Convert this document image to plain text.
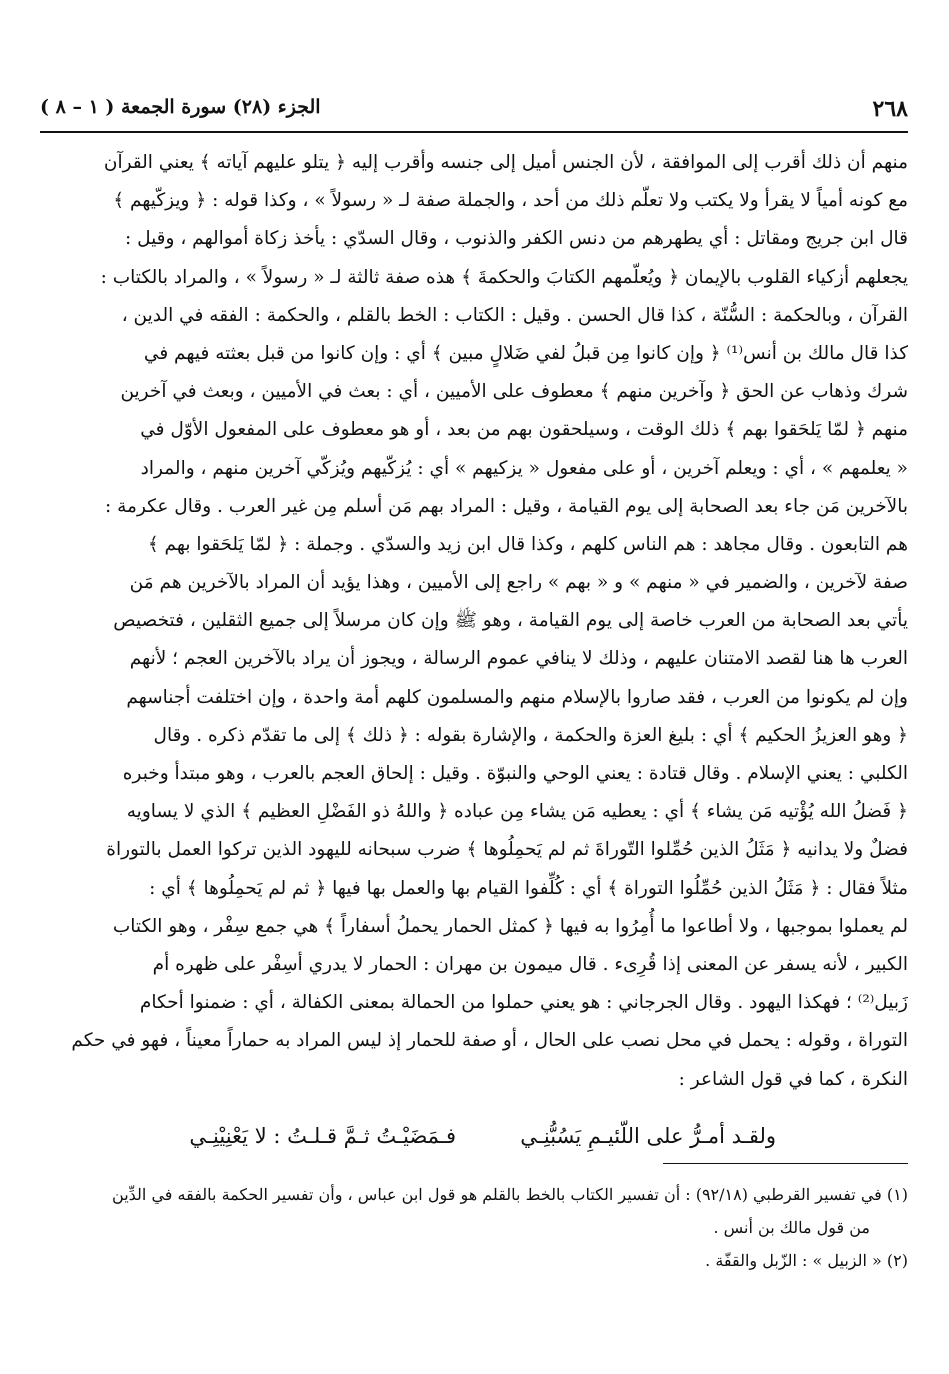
٢٦٨
الجزء (٢٨) سورة الجمعة ( ١ – ٨ )
منهم أن ذلك أقرب إلى الموافقة ، لأن الجنس أميل إلى جنسه وأقرب إليه ﴿ يتلو عليهم آياته ﴾ يعني القرآن
مع كونه أمياً لا يقرأ ولا يكتب ولا تعلّم ذلك من أحد ، والجملة صفة لـ « رسولاً » ، وكذا قوله : ﴿ ويزكّيهم ﴾
قال ابن جريج ومقاتل : أي يطهرهم من دنس الكفر والذنوب ، وقال السدّي : يأخذ زكاة أموالهم ، وقيل :
يجعلهم أزكياء القلوب بالإيمان ﴿ ويُعلّمهم الكتابَ والحكمةَ ﴾ هذه صفة ثالثة لـ « رسولاً » ، والمراد بالكتاب :
القرآن ، وبالحكمة : السُّنّة ، كذا قال الحسن . وقيل : الكتاب : الخط بالقلم ، والحكمة : الفقه في الدين ،
كذا قال مالك بن أنس⁽¹⁾ ﴿ وإن كانوا مِن قبلُ لفي ضَلالٍ مبين ﴾ أي : وإن كانوا من قبل بعثته فيهم في
شرك وذهاب عن الحق ﴿ وآخرين منهم ﴾ معطوف على الأميين ، أي : بعث في الأميين ، وبعث في آخرين
منهم ﴿ لمّا يَلحَقوا بهم ﴾ ذلك الوقت ، وسيلحقون بهم من بعد ، أو هو معطوف على المفعول الأوّل في
« يعلمهم » ، أي : ويعلم آخرين ، أو على مفعول « يزكيهم » أي : يُزكّيهم ويُزكّي آخرين منهم ، والمراد
بالآخرين مَن جاء بعد الصحابة إلى يوم القيامة ، وقيل : المراد بهم مَن أسلم مِن غير العرب . وقال عكرمة :
هم التابعون . وقال مجاهد : هم الناس كلهم ، وكذا قال ابن زيد والسدّي . وجملة : ﴿ لمّا يَلحَقوا بهم ﴾
صفة لآخرين ، والضمير في « منهم » و « بهم » راجع إلى الأميين ، وهذا يؤيد أن المراد بالآخرين هم مَن
يأتي بعد الصحابة من العرب خاصة إلى يوم القيامة ، وهو ﷺ وإن كان مرسلاً إلى جميع الثقلين ، فتخصيص
العرب ها هنا لقصد الامتنان عليهم ، وذلك لا ينافي عموم الرسالة ، ويجوز أن يراد بالآخرين العجم ؛ لأنهم
وإن لم يكونوا من العرب ، فقد صاروا بالإسلام منهم والمسلمون كلهم أمة واحدة ، وإن اختلفت أجناسهم
﴿ وهو العزيزُ الحكيم ﴾ أي : بليغ العزة والحكمة ، والإشارة بقوله : ﴿ ذلك ﴾ إلى ما تقدّم ذكره . وقال
الكلبي : يعني الإسلام . وقال قتادة : يعني الوحي والنبوّة . وقيل : إلحاق العجم بالعرب ، وهو مبتدأ وخبره
﴿ فَضلُ الله يُؤْتيه مَن يشاء ﴾ أي : يعطيه مَن يشاء مِن عباده ﴿ واللهُ ذو الفَضْلِ العظيم ﴾ الذي لا يساويه
فضلٌ ولا يدانيه ﴿ مَثَلُ الذين حُمِّلوا التّوراةَ ثم لم يَحمِلُوها ﴾ ضرب سبحانه لليهود الذين تركوا العمل بالتوراة
مثلاً فقال : ﴿ مَثَلُ الذين حُمِّلُوا التوراة ﴾ أي : كُلِّفوا القيام بها والعمل بها فيها ﴿ ثم لم يَحمِلُوها ﴾ أي :
لم يعملوا بموجبها ، ولا أطاعوا ما أُمِرُوا به فيها ﴿ كمثل الحمار يحملُ أسفاراً ﴾ هي جمع سِفْر ، وهو الكتاب
الكبير ، لأنه يسفر عن المعنى إذا قُرِىء . قال ميمون بن مهران : الحمار لا يدري أسِفْر على ظهره أم
زَبيل⁽²⁾ ؛ فهكذا اليهود . وقال الجرجاني : هو يعني حملوا من الحمالة بمعنى الكفالة ، أي : ضمنوا أحكام
التوراة ، وقوله : يحمل في محل نصب على الحال ، أو صفة للحمار إذ ليس المراد به حماراً معيناً ، فهو في حكم
النكرة ، كما في قول الشاعر :
ولقـد أمـرُّ على اللّئيـمِ يَسُبُّنِـي
فـمَضَيْـتُ ثـمَّ قـلـتُ : لا يَعْنِيْنِـي
(١) في تفسير القرطبي (٩٢/١٨) : أن تفسير الكتاب بالخط بالقلم هو قول ابن عباس ، وأن تفسير الحكمة بالفقه في الدِّين
من قول مالك بن أنس .
(٢) « الزبيل » : الزّبل والقفّة .
